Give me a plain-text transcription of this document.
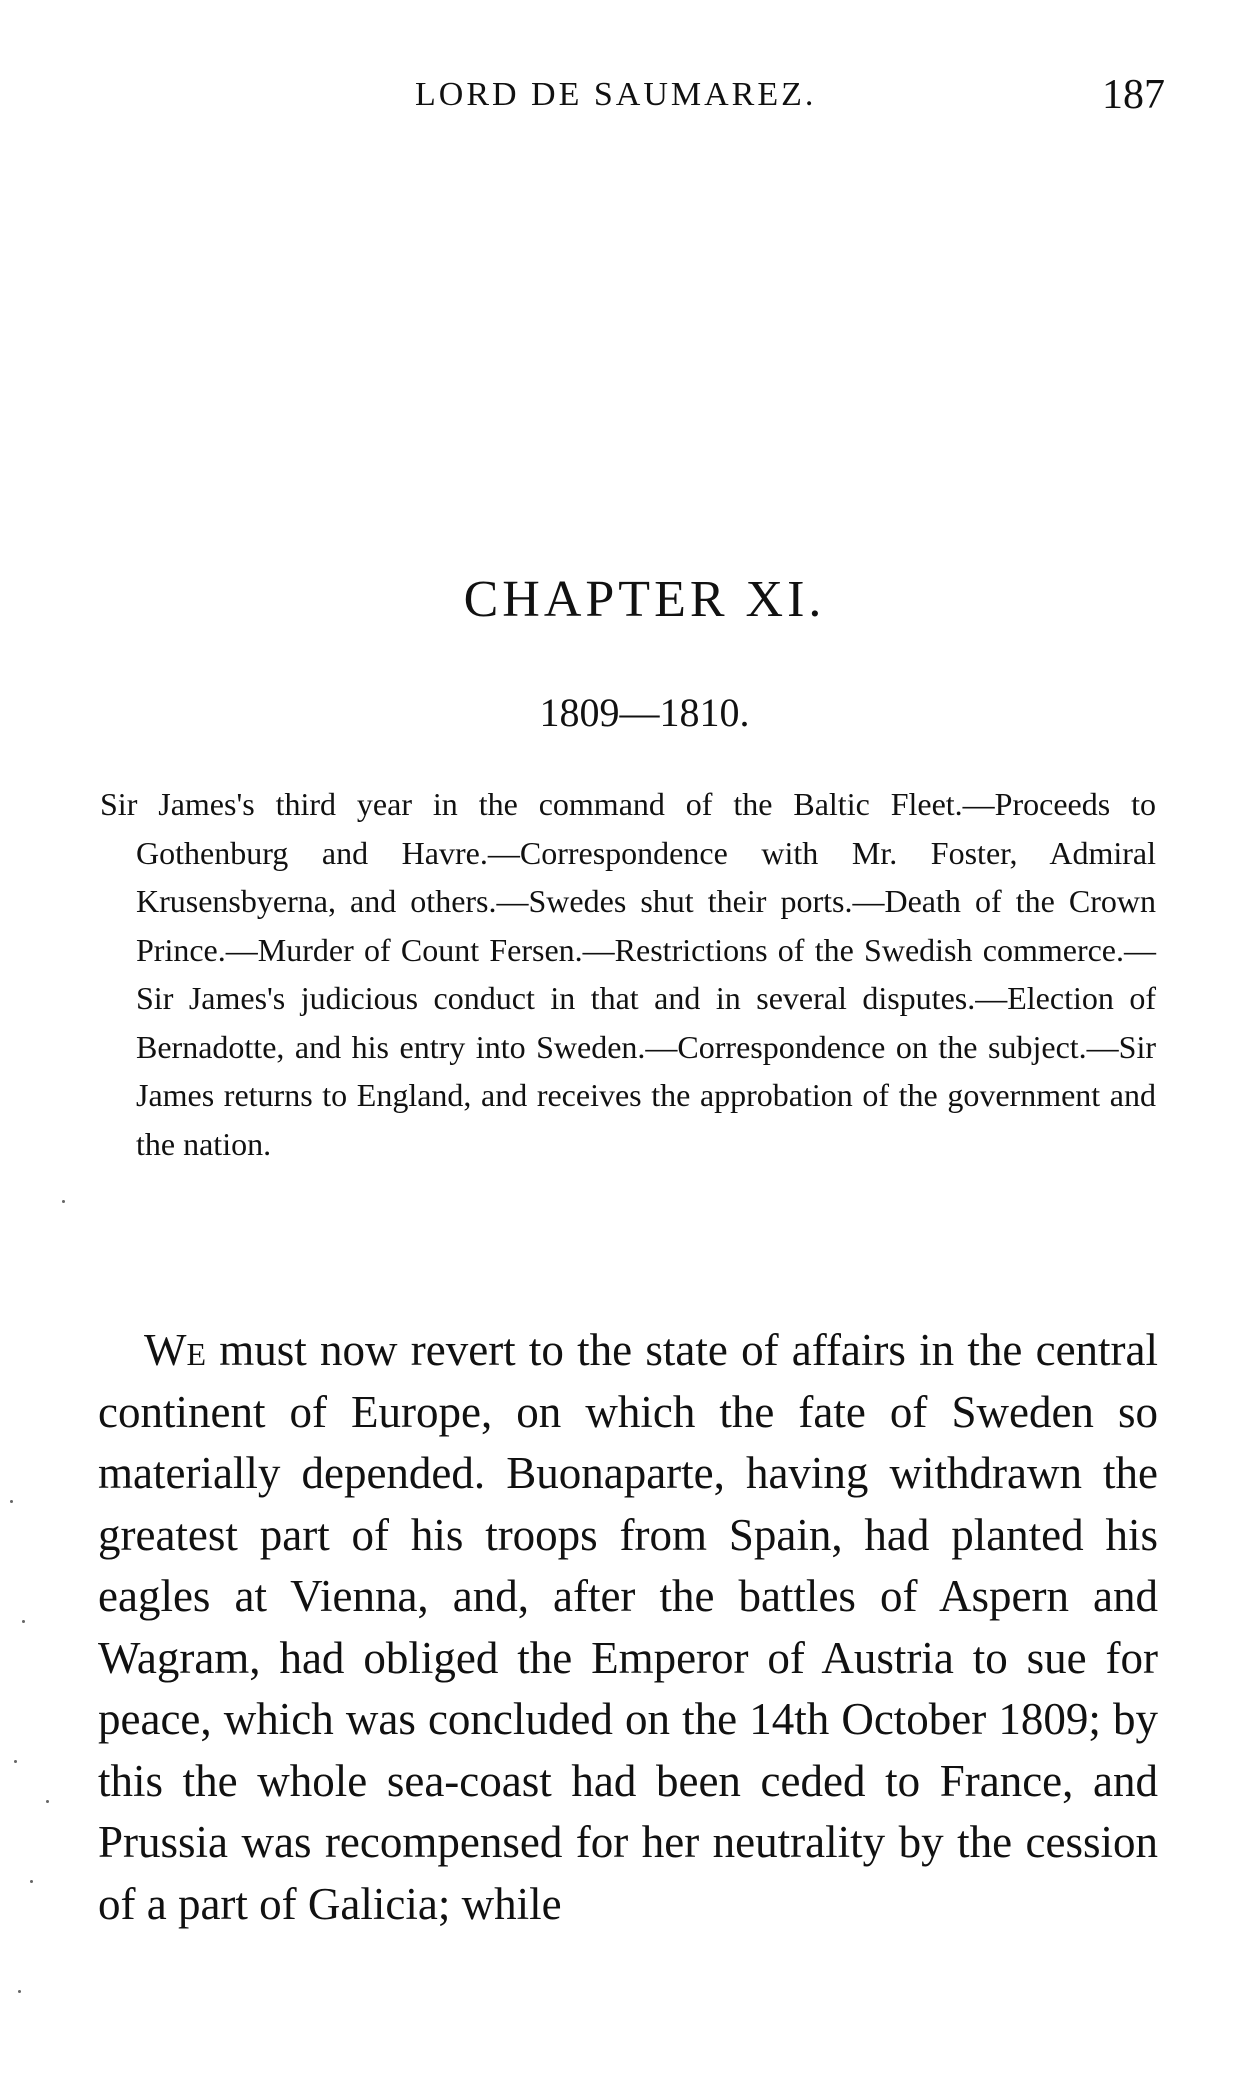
LORD DE SAUMAREZ.	187
CHAPTER XI.
1809—1810.
Sir James's third year in the command of the Baltic Fleet.—Proceeds to Gothenburg and Havre.—Correspondence with Mr. Foster, Admiral Krusensbyerna, and others.—Swedes shut their ports.—Death of the Crown Prince.—Murder of Count Fersen.—Restrictions of the Swedish commerce.—Sir James's judicious conduct in that and in several disputes.—Election of Bernadotte, and his entry into Sweden.—Correspondence on the subject.—Sir James returns to England, and receives the approbation of the government and the nation.
We must now revert to the state of affairs in the central continent of Europe, on which the fate of Sweden so materially depended. Buonaparte, having withdrawn the greatest part of his troops from Spain, had planted his eagles at Vienna, and, after the battles of Aspern and Wagram, had obliged the Emperor of Austria to sue for peace, which was concluded on the 14th October 1809; by this the whole sea-coast had been ceded to France, and Prussia was recompensed for her neutrality by the cession of a part of Galicia; while
